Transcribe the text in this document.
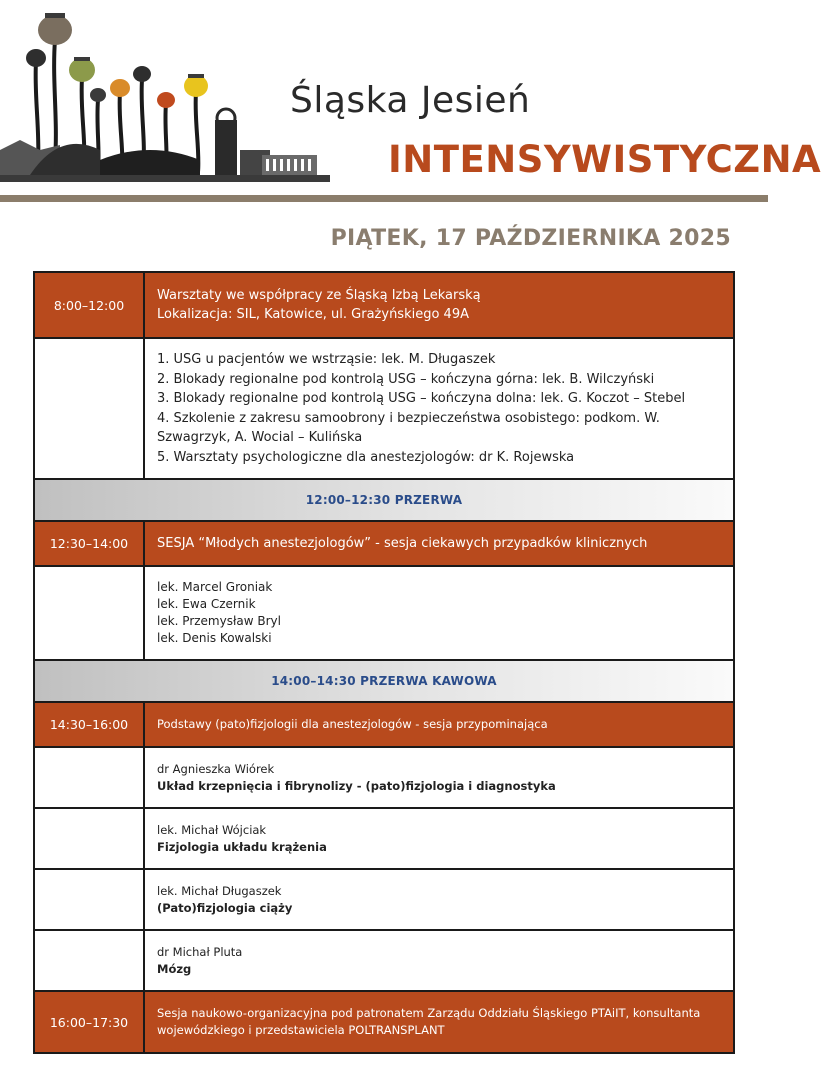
Śląska Jesień
INTENSYWISTYCZNA
PIĄTEK, 17 PAŹDZIERNIKA 2025
8:00–12:00
Warsztaty we współpracy ze Śląską Izbą Lekarską
Lokalizacja: SIL, Katowice, ul. Grażyńskiego 49A
1. USG u pacjentów we wstrząsie: lek. M. Długaszek
2. Blokady regionalne pod kontrolą USG – kończyna górna: lek. B. Wilczyński
3. Blokady regionalne pod kontrolą USG – kończyna dolna: lek. G. Koczot – Stebel
4. Szkolenie z zakresu samoobrony i bezpieczeństwa osobistego: podkom. W. Szwagrzyk, A. Wocial – Kulińska
5. Warsztaty psychologiczne dla anestezjologów: dr K. Rojewska
12:00–12:30 PRZERWA
12:30–14:00	SESJA “Młodych anestezjologów” - sesja ciekawych przypadków klinicznych
lek. Marcel Groniak
lek. Ewa Czernik
lek. Przemysław Bryl
lek. Denis Kowalski
14:00–14:30 PRZERWA KAWOWA
14:30–16:00	Podstawy (pato)fizjologii dla anestezjologów - sesja przypominająca
dr Agnieszka Wiórek
Układ krzepnięcia i fibrynolizy - (pato)fizjologia i diagnostyka
lek. Michał Wójciak
Fizjologia układu krążenia
lek. Michał Długaszek
(Pato)fizjologia ciąży
dr Michał Pluta
Mózg
16:00–17:30
Sesja naukowo-organizacyjna pod patronatem Zarządu Oddziału Śląskiego PTAiIT, konsultanta wojewódzkiego i przedstawiciela POLTRANSPLANT
